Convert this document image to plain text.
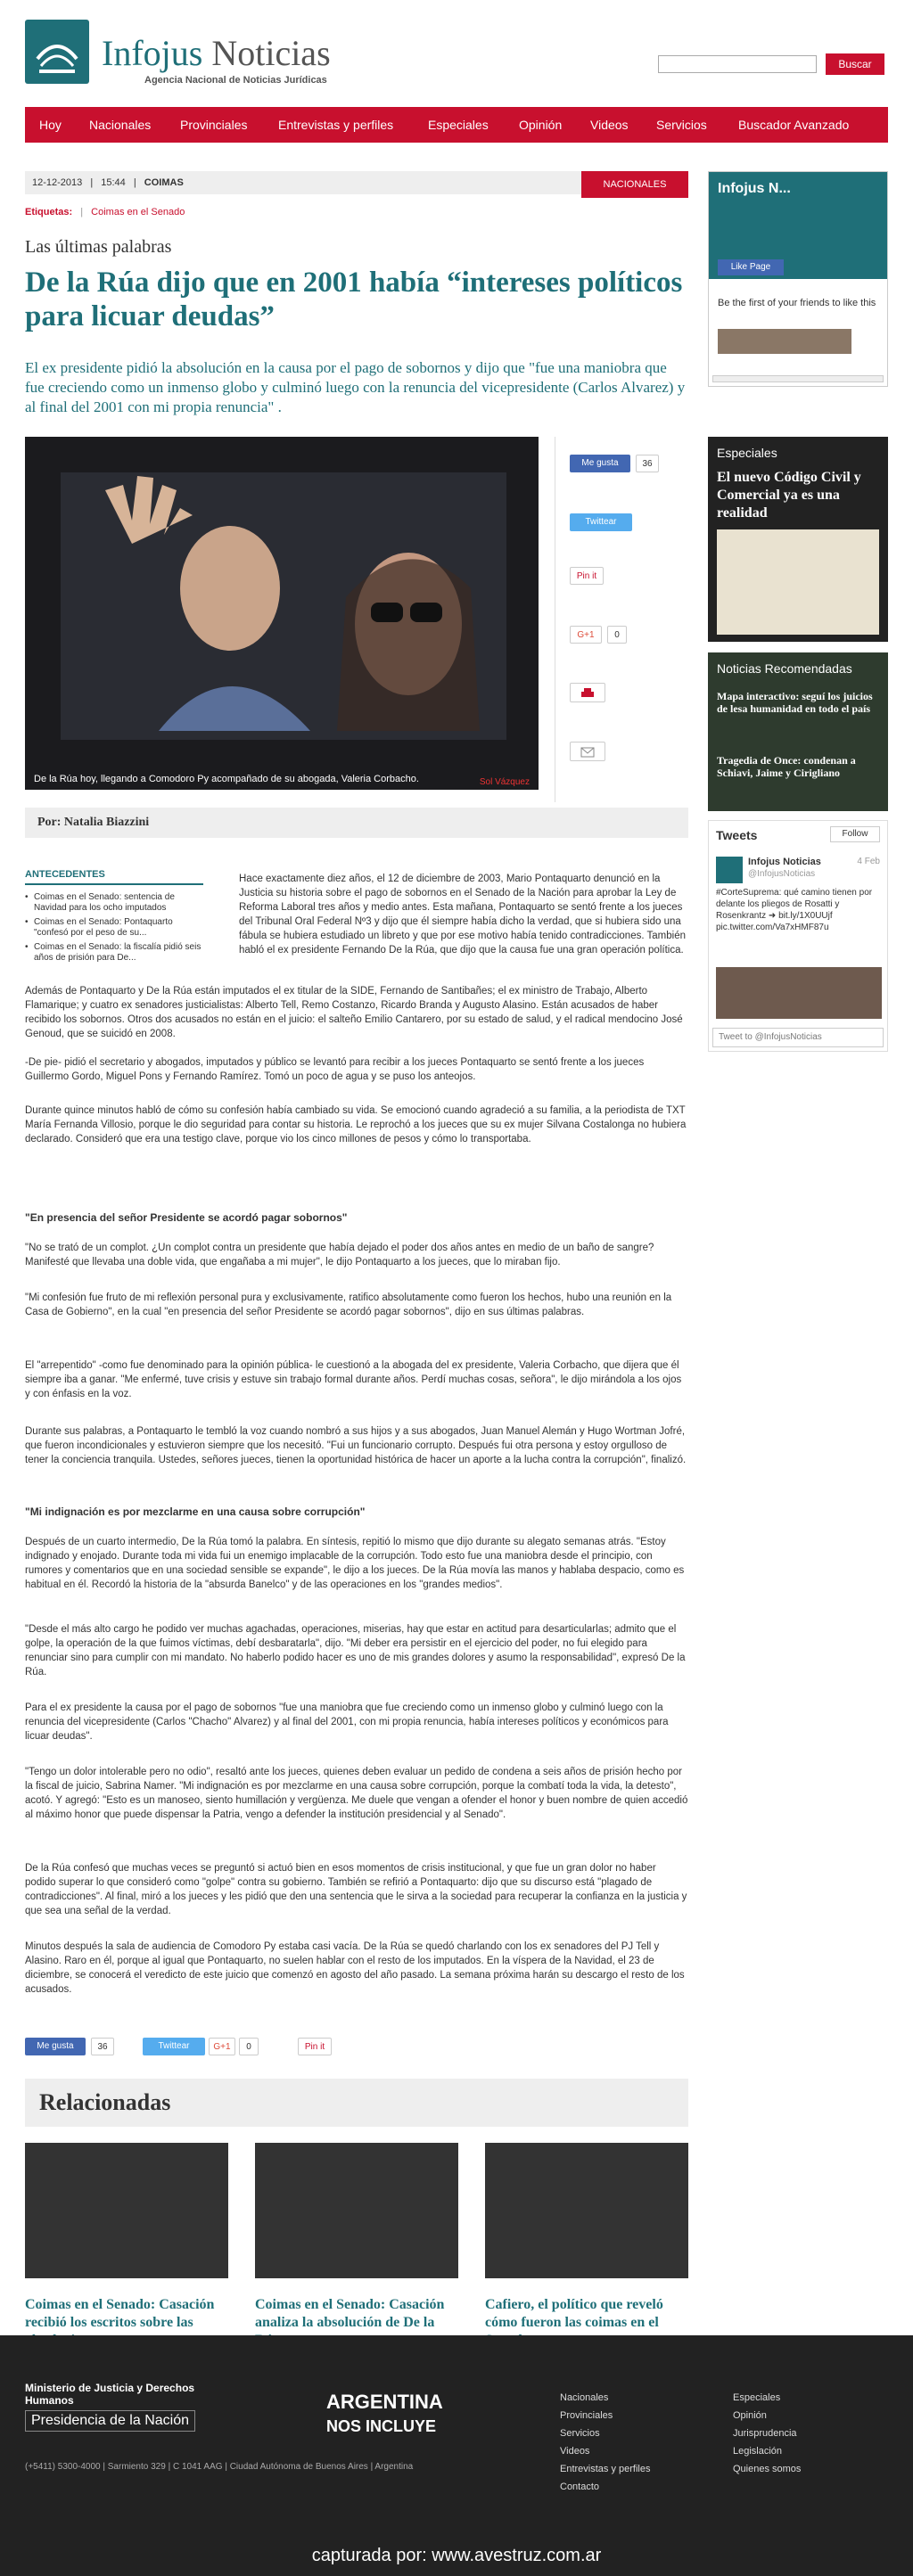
Infojus Noticias
Agencia Nacional de Noticias Jurídicas
Buscar
Hoy Nacionales Provinciales Entrevistas y perfiles	Especiales Opinión Videos Servicios	Buscador Avanzado
12-12-2013 | 15:44 | COIMAS	NACIONALES
Etiquetas: | Coimas en el Senado
Las últimas palabras
De la Rúa dijo que en 2001 había “intereses políticos para licuar deudas”

El ex presidente pidió la absolución en la causa por el pago de sobornos y dijo que "fue una maniobra que fue creciendo como un inmenso globo y culminó luego con la renuncia del vicepresidente (Carlos Alvarez) y al final del 2001 con mi propia renuncia" .

De la Rúa hoy, llegando a Comodoro Py acompañado de su abogada, Valeria Corbacho.	Sol Vázquez
Me gusta	36
Twittear
Pin it
G+1	0
Por: Natalia Biazzini
ANTECEDENTES
• Coimas en el Senado: sentencia de Navidad para los ocho imputados
• Coimas en el Senado: Pontaquarto "confesó por el peso de su...
• Coimas en el Senado: la fiscalía pidió seis años de prisión para De...

Hace exactamente diez años, el 12 de diciembre de 2003, Mario Pontaquarto denunció en la Justicia su historia sobre el pago de sobornos en el Senado de la Nación para aprobar la Ley de Reforma Laboral tres años y medio antes. Esta mañana, Pontaquarto se sentó frente a los jueces del Tribunal Oral Federal Nº3 y dijo que él siempre había dicho la verdad, que si hubiera sido una fábula se hubiera estudiado un libreto y que por ese motivo había tenido contradicciones. También habló el ex presidente Fernando De la Rúa, que dijo que la causa fue una gran operación política.

Además de Pontaquarto y De la Rúa están imputados el ex titular de la SIDE, Fernando de Santibañes; el ex ministro de Trabajo, Alberto Flamarique; y cuatro ex senadores justicialistas: Alberto Tell, Remo Costanzo, Ricardo Branda y Augusto Alasino. Están acusados de haber recibido los sobornos. Otros dos acusados no están en el juicio: el salteño Emilio Cantarero, por su estado de salud, y el radical mendocino José Genoud, que se suicidó en 2008.

-De pie- pidió el secretario y abogados, imputados y público se levantó para recibir a los jueces Pontaquarto se sentó frente a los jueces Guillermo Gordo, Miguel Pons y Fernando Ramírez. Tomó un poco de agua y se puso los anteojos.

Durante quince minutos habló de cómo su confesión había cambiado su vida. Se emocionó cuando agradeció a su familia, a la periodista de TXT María Fernanda Villosio, porque le dio seguridad para contar su historia. Le reprochó a los jueces que su ex mujer Silvana Costalonga no hubiera declarado. Consideró que era una testigo clave, porque vio los cinco millones de pesos y cómo lo transportaba.

"En presencia del señor Presidente se acordó pagar sobornos"

"No se trató de un complot. ¿Un complot contra un presidente que había dejado el poder dos años antes en medio de un baño de sangre? Manifesté que llevaba una doble vida, que engañaba a mi mujer", le dijo Pontaquarto a los jueces, que lo miraban fijo.

"Mi confesión fue fruto de mi reflexión personal pura y exclusivamente, ratifico absolutamente como fueron los hechos, hubo una reunión en la Casa de Gobierno", en la cual "en presencia del señor Presidente se acordó pagar sobornos", dijo en sus últimas palabras.

El "arrepentido" -como fue denominado para la opinión pública- le cuestionó a la abogada del ex presidente, Valeria Corbacho, que dijera que él siempre iba a ganar. "Me enfermé, tuve crisis y estuve sin trabajo formal durante años. Perdí muchas cosas, señora", le dijo mirándola a los ojos y con énfasis en la voz.

Durante sus palabras, a Pontaquarto le tembló la voz cuando nombró a sus hijos y a sus abogados, Juan Manuel Alemán y Hugo Wortman Jofré, que fueron incondicionales y estuvieron siempre que los necesitó. "Fui un funcionario corrupto. Después fui otra persona y estoy orgulloso de tener la conciencia tranquila. Ustedes, señores jueces, tienen la oportunidad histórica de hacer un aporte a la lucha contra la corrupción", finalizó.

"Mi indignación es por mezclarme en una causa sobre corrupción"

Después de un cuarto intermedio, De la Rúa tomó la palabra. En síntesis, repitió lo mismo que dijo durante su alegato semanas atrás. "Estoy indignado y enojado. Durante toda mi vida fui un enemigo implacable de la corrupción. Todo esto fue una maniobra desde el principio, con rumores y comentarios que en una sociedad sensible se expande", le dijo a los jueces. De la Rúa movía las manos y hablaba despacio, como es habitual en él. Recordó la historia de la "absurda Banelco" y de las operaciones en los "grandes medios".

"Desde el más alto cargo he podido ver muchas agachadas, operaciones, miserias, hay que estar en actitud para desarticularlas; admito que el golpe, la operación de la que fuimos víctimas, debí desbaratarla", dijo. "Mi deber era persistir en el ejercicio del poder, no fui elegido para renunciar sino para cumplir con mi mandato. No haberlo podido hacer es uno de mis grandes dolores y asumo la responsabilidad", expresó De la Rúa.

Para el ex presidente la causa por el pago de sobornos "fue una maniobra que fue creciendo como un inmenso globo y culminó luego con la renuncia del vicepresidente (Carlos "Chacho" Alvarez) y al final del 2001, con mi propia renuncia, había intereses políticos y económicos para licuar deudas".

"Tengo un dolor intolerable pero no odio", resaltó ante los jueces, quienes deben evaluar un pedido de condena a seis años de prisión hecho por la fiscal de juicio, Sabrina Namer. "Mi indignación es por mezclarme en una causa sobre corrupción, porque la combatí toda la vida, la detesto", acotó. Y agregó: "Esto es un manoseo, siento humillación y vergüenza. Me duele que vengan a ofender el honor y buen nombre de quien accedió al máximo honor que puede dispensar la Patria, vengo a defender la institución presidencial y al Senado".

De la Rúa confesó que muchas veces se preguntó si actuó bien en esos momentos de crisis institucional, y que fue un gran dolor no haber podido superar lo que consideró como "golpe" contra su gobierno. También se refirió a Pontaquarto: dijo que su discurso está "plagado de contradicciones". Al final, miró a los jueces y les pidió que den una sentencia que le sirva a la sociedad para recuperar la confianza en la justicia y que sea una señal de la verdad.

Minutos después la sala de audiencia de Comodoro Py estaba casi vacía. De la Rúa se quedó charlando con los ex senadores del PJ Tell y Alasino. Raro en él, porque al igual que Pontaquarto, no suelen hablar con el resto de los imputados. En la víspera de la Navidad, el 23 de diciembre, se conocerá el veredicto de este juicio que comenzó en agosto del año pasado. La semana próxima harán su descargo el resto de los acusados.

Infojus N...
Like Page
Be the first of your friends to like this
Especiales
El nuevo Código Civil y Comercial ya es una realidad
Noticias Recomendadas
Mapa interactivo: seguí los juicios de lesa humanidad en todo el país
Tragedia de Once: condenan a Schiavi, Jaime y Cirigliano
Tweets	Follow
Infojus Noticias	4 Feb
@InfojusNoticias
#CorteSuprema: qué camino tienen por delante los pliegos de Rosatti y Rosenkrantz ➜ bit.ly/1X0UUjf pic.twitter.com/Va7xHMF87u
Tweet to @InfojusNoticias
Me gusta	36	Twittear	G+1	0	Pin it
Relacionadas
Coimas en el Senado: Casación recibió los escritos sobre las
Coimas en el Senado: Casación analiza la absolución de De la
Cafiero, el político que reveló cómo fueron las coimas en el
Ministerio de Justicia y Derechos Humanos
Presidencia de la Nación
ARGENTINA
NOS INCLUYE
(+5411) 5300-4000 | Sarmiento 329 | C 1041 AAG | Ciudad Autónoma de Buenos Aires | Argentina
Nacionales
Provinciales
Servicios
Videos
Entrevistas y perfiles
Contacto
Especiales
Opinión
Jurisprudencia
Legislación
Quienes somos
capturada por: www.avestruz.com.ar
